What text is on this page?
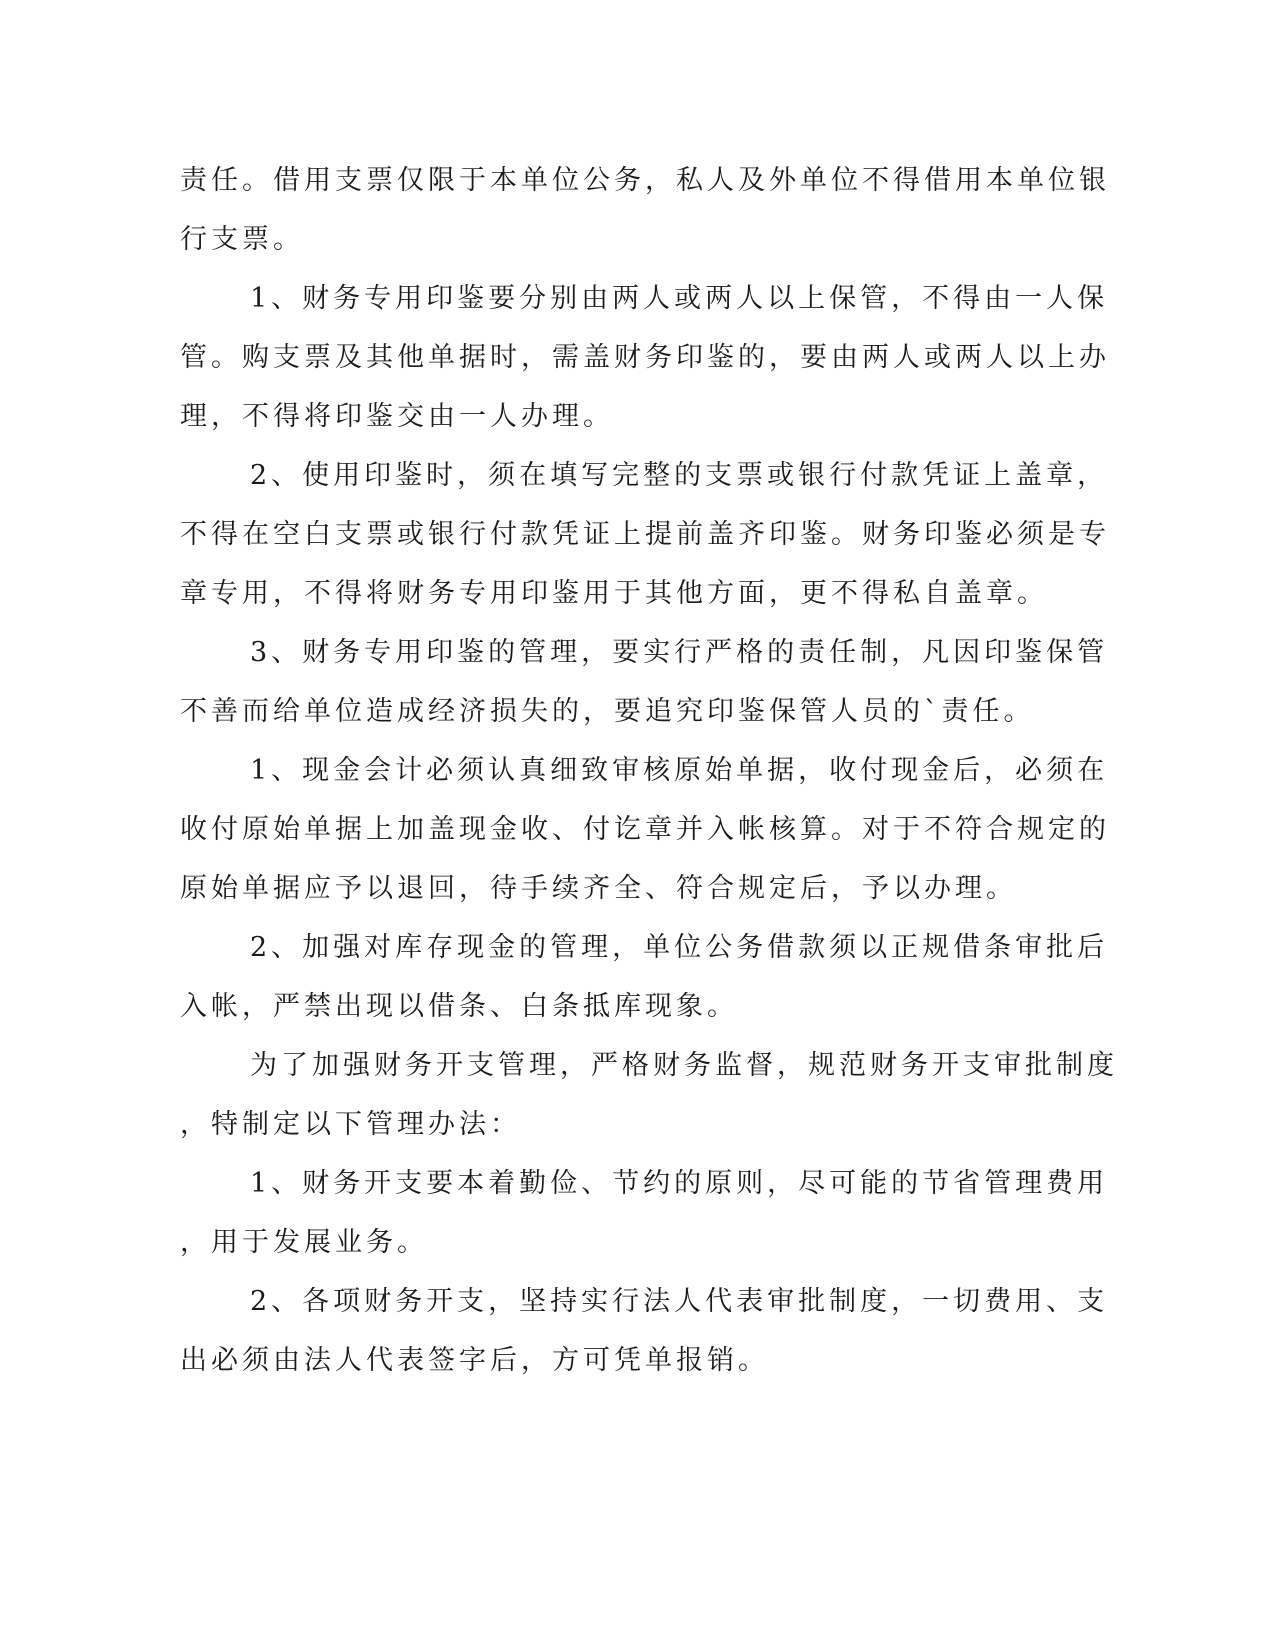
责任。借用支票仅限于本单位公务，私人及外单位不得借用本单位银
行支票。
1、财务专用印鉴要分别由两人或两人以上保管，不得由一人保
管。购支票及其他单据时，需盖财务印鉴的，要由两人或两人以上办
理，不得将印鉴交由一人办理。
2、使用印鉴时，须在填写完整的支票或银行付款凭证上盖章，
不得在空白支票或银行付款凭证上提前盖齐印鉴。财务印鉴必须是专
章专用，不得将财务专用印鉴用于其他方面，更不得私自盖章。
3、财务专用印鉴的管理，要实行严格的责任制，凡因印鉴保管
不善而给单位造成经济损失的，要追究印鉴保管人员的`责任。
1、现金会计必须认真细致审核原始单据，收付现金后，必须在
收付原始单据上加盖现金收、付讫章并入帐核算。对于不符合规定的
原始单据应予以退回，待手续齐全、符合规定后，予以办理。
2、加强对库存现金的管理，单位公务借款须以正规借条审批后
入帐，严禁出现以借条、白条抵库现象。
为了加强财务开支管理，严格财务监督，规范财务开支审批制度
，特制定以下管理办法：
1、财务开支要本着勤俭、节约的原则，尽可能的节省管理费用
，用于发展业务。
2、各项财务开支，坚持实行法人代表审批制度，一切费用、支
出必须由法人代表签字后，方可凭单报销。
